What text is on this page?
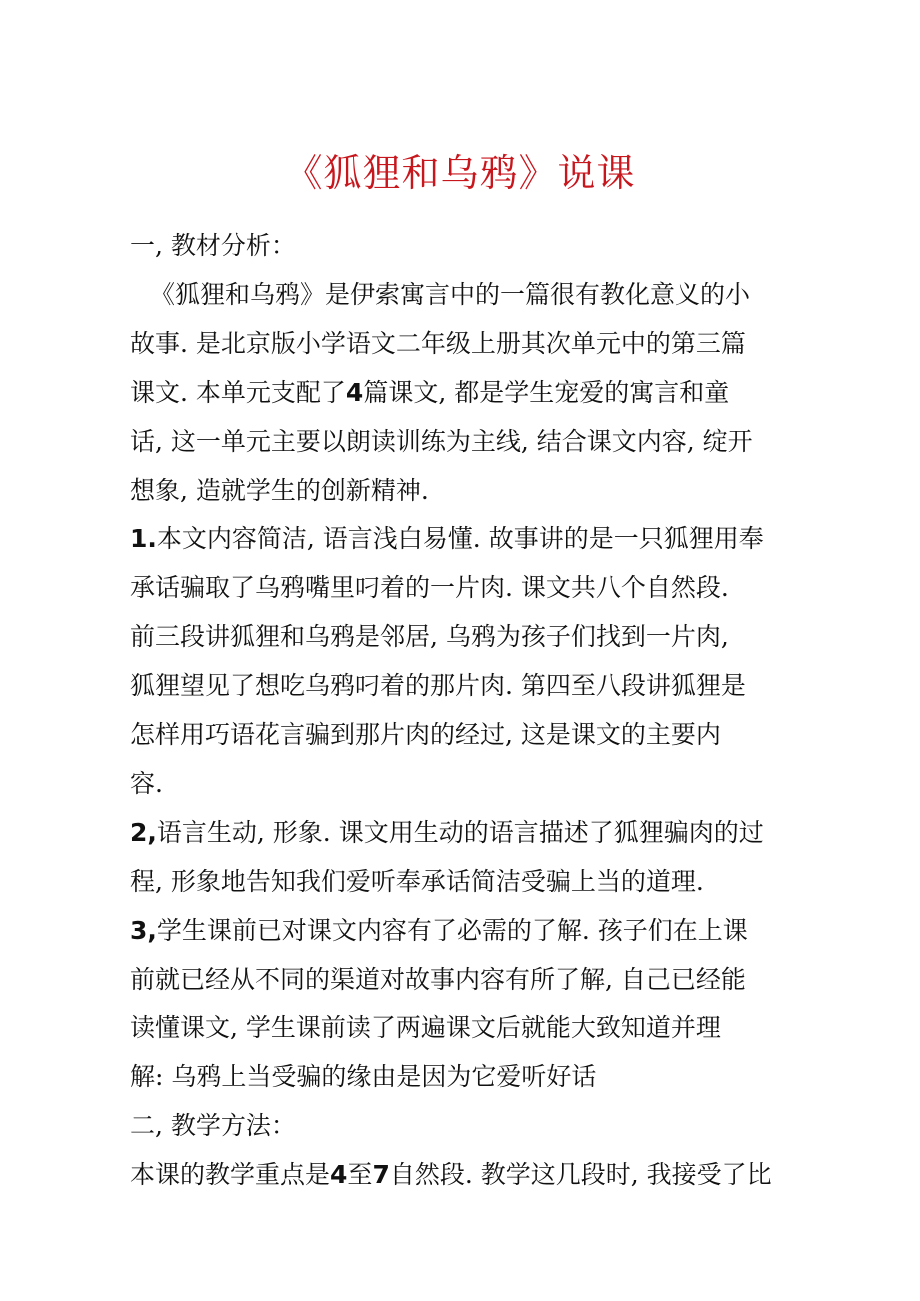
《狐狸和乌鸦》说课
一, 教材分析：
《狐狸和乌鸦》是伊索寓言中的一篇很有教化意义的小
故事. 是北京版小学语文二年级上册其次单元中的第三篇
课文. 本单元支配了4篇课文, 都是学生宠爱的寓言和童
话, 这一单元主要以朗读训练为主线, 结合课文内容, 绽开
想象, 造就学生的创新精神.
1.本文内容简洁, 语言浅白易懂. 故事讲的是一只狐狸用奉
承话骗取了乌鸦嘴里叼着的一片肉. 课文共八个自然段.
前三段讲狐狸和乌鸦是邻居, 乌鸦为孩子们找到一片肉,
狐狸望见了想吃乌鸦叼着的那片肉. 第四至八段讲狐狸是
怎样用巧语花言骗到那片肉的经过, 这是课文的主要内
容.
2,语言生动, 形象. 课文用生动的语言描述了狐狸骗肉的过
程, 形象地告知我们爱听奉承话简洁受骗上当的道理.
3,学生课前已对课文内容有了必需的了解. 孩子们在上课
前就已经从不同的渠道对故事内容有所了解, 自己已经能
读懂课文, 学生课前读了两遍课文后就能大致知道并理
解: 乌鸦上当受骗的缘由是因为它爱听好话
二, 教学方法：
本课的教学重点是4至7自然段. 教学这几段时, 我接受了比
